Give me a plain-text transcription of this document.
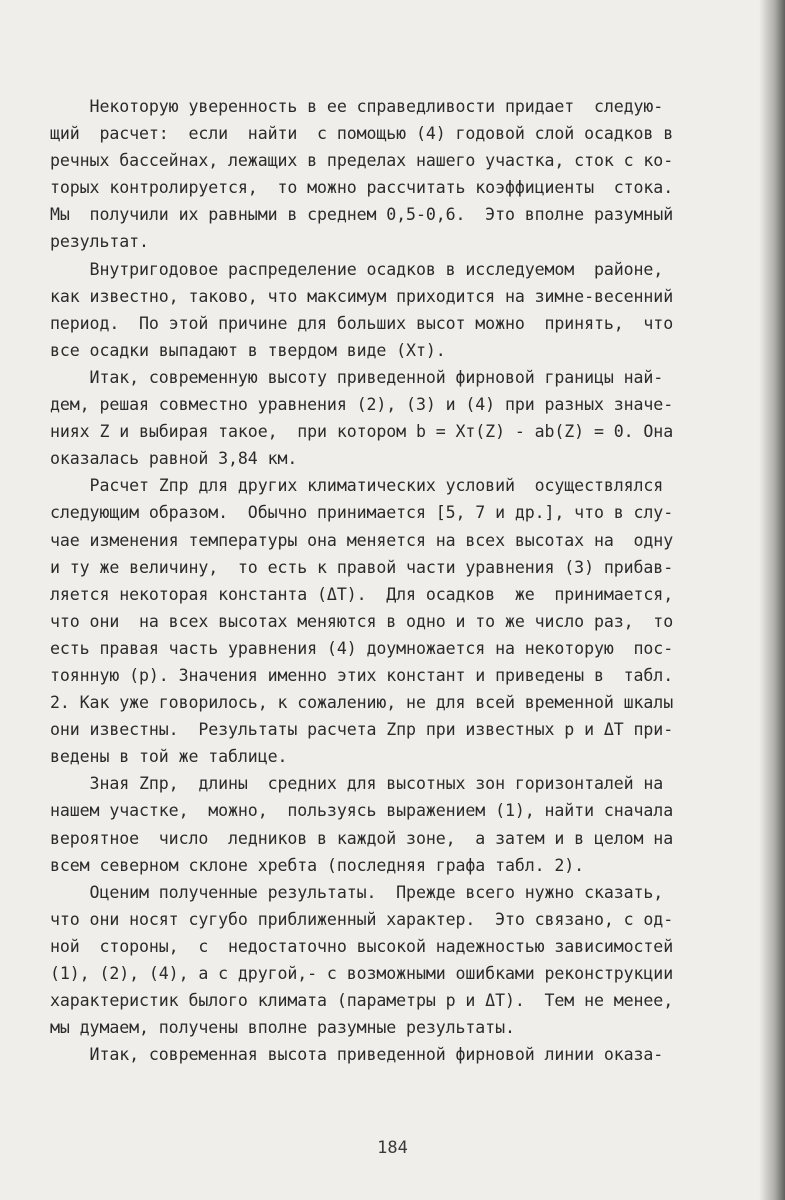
Некоторую уверенность в ее справедливости придает  следую-
щий  расчет:  если  найти  с помощью (4) годовой слой осадков в
речных бассейнах, лежащих в пределах нашего участка, сток с ко-
торых контролируется,  то можно рассчитать коэффициенты  стока.
Мы  получили их равными в среднем 0,5-0,6.  Это вполне разумный
результат.
Внутригодовое распределение осадков в исследуемом  районе,
как известно, таково, что максимум приходится на зимне-весенний
период.  По этой причине для больших высот можно  принять,  что
все осадки выпадают в твердом виде (Xт).
Итак, современную высоту приведенной фирновой границы най-
дем, решая совместно уравнения (2), (3) и (4) при разных значе-
ниях Z и выбирая такое,  при котором b = Xт(Z) - ab(Z) = 0. Она
оказалась равной 3,84 км.
Расчет Zпр для других климатических условий  осуществлялся
следующим образом.  Обычно принимается [5, 7 и др.], что в слу-
чае изменения температуры она меняется на всех высотах на  одну
и ту же величину,  то есть к правой части уравнения (3) прибав-
ляется некоторая константа (ΔT).  Для осадков  же  принимается,
что они  на всех высотах меняются в одно и то же число раз,  то
есть правая часть уравнения (4) доумножается на некоторую  пос-
тоянную (p). Значения именно этих констант и приведены в  табл.
2. Как уже говорилось, к сожалению, не для всей временной шкалы
они известны.  Результаты расчета Zпр при известных p и ΔT при-
ведены в той же таблице.
Зная Zпр,  длины  средних для высотных зон горизонталей на
нашем участке,  можно,  пользуясь выражением (1), найти сначала
вероятное  число  ледников в каждой зоне,  а затем и в целом на
всем северном склоне хребта (последняя графа табл. 2).
Оценим полученные результаты.  Прежде всего нужно сказать,
что они носят сугубо приближенный характер.  Это связано, с од-
ной  стороны,  с  недостаточно высокой надежностью зависимостей
(1), (2), (4), а с другой,- с возможными ошибками реконструкции
характеристик былого климата (параметры p и ΔT).  Тем не менее,
мы думаем, получены вполне разумные результаты.
Итак, современная высота приведенной фирновой линии оказа-
184
